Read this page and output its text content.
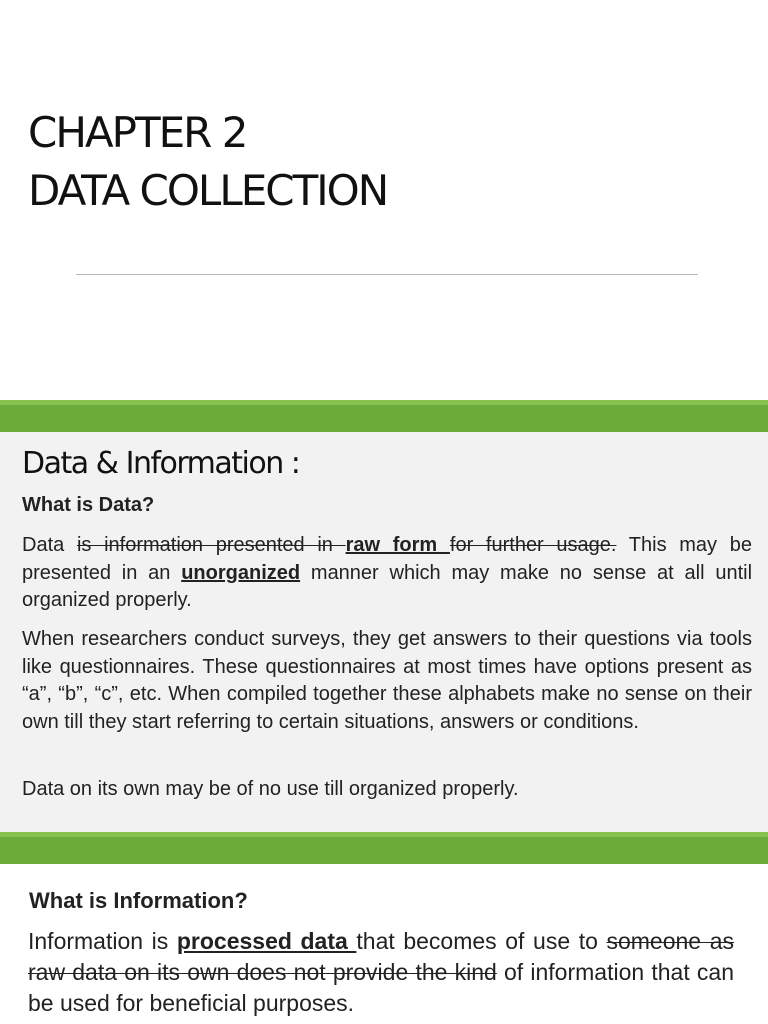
CHAPTER 2
DATA COLLECTION
Data & Information :
What is Data?

Data is information presented in raw form for further usage. This may be presented in an unorganized manner which may make no sense at all until organized properly.

When researchers conduct surveys, they get answers to their questions via tools like questionnaires. These questionnaires at most times have options present as “a”, “b”, “c”, etc. When compiled together these alphabets make no sense on their own till they start referring to certain situations, answers or conditions.

Data on its own may be of no use till organized properly.

What is Information?

Information is processed data that becomes of use to someone as raw data on its own does not provide the kind of information that can be used for beneficial purposes.
